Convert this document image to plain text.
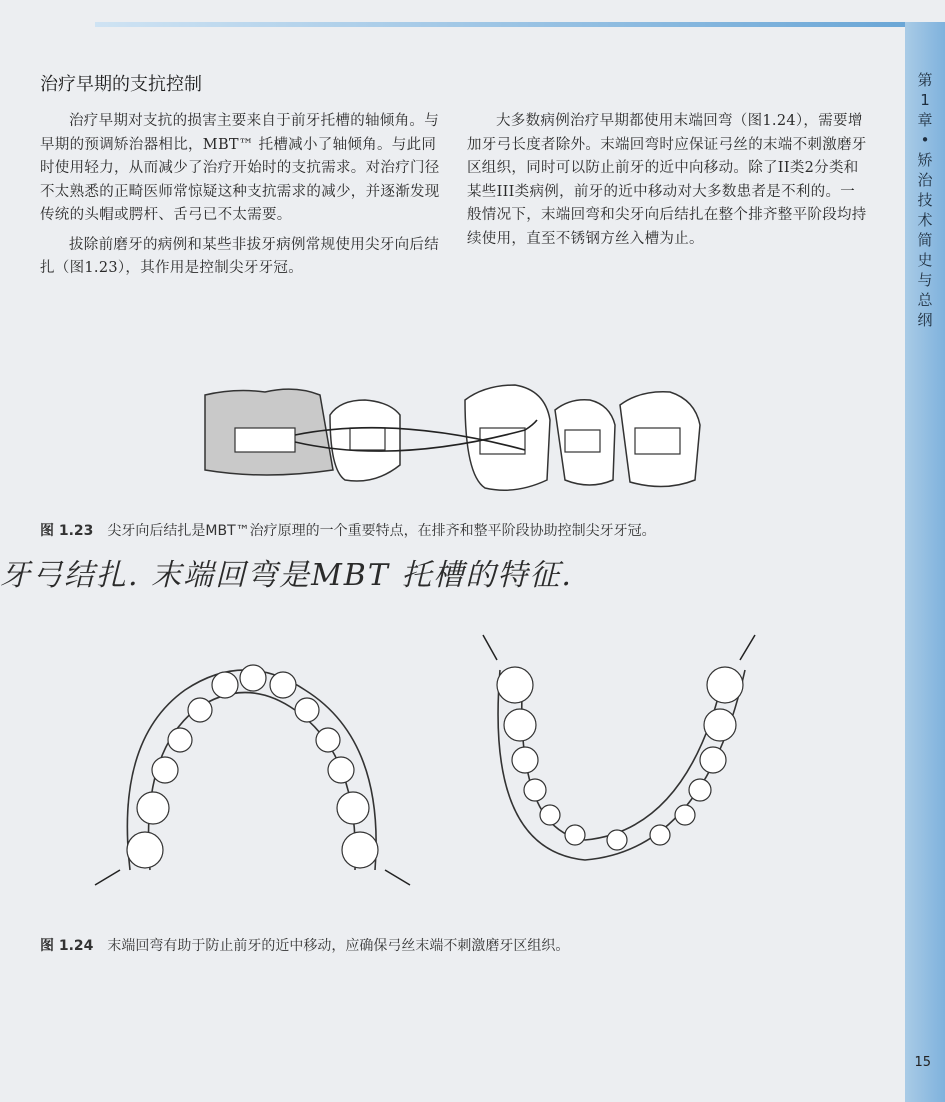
第
1
章
•
矫
治
技
术
简
史
与
总
纲
15
治疗早期的支抗控制

治疗早期对支抗的损害主要来自于前牙托槽的轴倾角。与早期的预调矫治器相比，MBT™ 托槽减小了轴倾角。与此同时使用轻力，从而减少了治疗开始时的支抗需求。对治疗门径不太熟悉的正畸医师常惊疑这种支抗需求的减少，并逐渐发现传统的头帽或腭杆、舌弓已不太需要。

拔除前磨牙的病例和某些非拔牙病例常规使用尖牙向后结扎（图1.23），其作用是控制尖牙牙冠。

大多数病例治疗早期都使用末端回弯（图1.24），需要增加牙弓长度者除外。末端回弯时应保证弓丝的末端不刺激磨牙区组织，同时可以防止前牙的近中向移动。除了II类2分类和某些III类病例，前牙的近中移动对大多数患者是不利的。一般情况下，末端回弯和尖牙向后结扎在整个排齐整平阶段均持续使用，直至不锈钢方丝入槽为止。

图 1.23 尖牙向后结扎是MBT™治疗原理的一个重要特点，在排齐和整平阶段协助控制尖牙牙冠。
牙弓结扎. 末端回弯是MBT 托槽的特征.
图 1.24 末端回弯有助于防止前牙的近中移动，应确保弓丝末端不刺激磨牙区组织。
